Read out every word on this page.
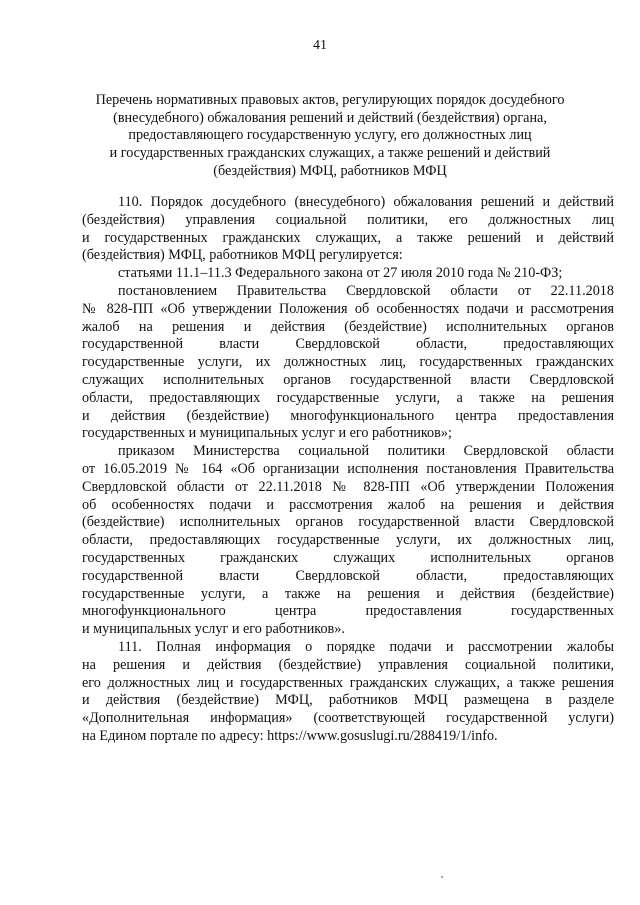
41
Перечень нормативных правовых актов, регулирующих порядок досудебного
(внесудебного) обжалования решений и действий (бездействия) органа,
предоставляющего государственную услугу, его должностных лиц
и государственных гражданских служащих, а также решений и действий
(бездействия) МФЦ, работников МФЦ
110. Порядок досудебного (внесудебного) обжалования решений и действий
(бездействия) управления социальной политики, его должностных лиц
и государственных гражданских служащих, а также решений и действий
(бездействия) МФЦ, работников МФЦ регулируется:
статьями 11.1–11.3 Федерального закона от 27 июля 2010 года № 210-ФЗ;
постановлением Правительства Свердловской области от 22.11.2018
№ 828-ПП «Об утверждении Положения об особенностях подачи и рассмотрения
жалоб на решения и действия (бездействие) исполнительных органов
государственной власти Свердловской области, предоставляющих
государственные услуги, их должностных лиц, государственных гражданских
служащих исполнительных органов государственной власти Свердловской
области, предоставляющих государственные услуги, а также на решения
и действия (бездействие) многофункционального центра предоставления
государственных и муниципальных услуг и его работников»;
приказом Министерства социальной политики Свердловской области
от 16.05.2019 № 164 «Об организации исполнения постановления Правительства
Свердловской области от 22.11.2018 № 828-ПП «Об утверждении Положения
об особенностях подачи и рассмотрения жалоб на решения и действия
(бездействие) исполнительных органов государственной власти Свердловской
области, предоставляющих государственные услуги, их должностных лиц,
государственных гражданских служащих исполнительных органов
государственной власти Свердловской области, предоставляющих
государственные услуги, а также на решения и действия (бездействие)
многофункционального центра предоставления государственных
и муниципальных услуг и его работников».
111. Полная информация о порядке подачи и рассмотрении жалобы
на решения и действия (бездействие) управления социальной политики,
его должностных лиц и государственных гражданских служащих, а также решения
и действия (бездействие) МФЦ, работников МФЦ размещена в разделе
«Дополнительная информация» (соответствующей государственной услуги)
на Едином портале по адресу: https://www.gosuslugi.ru/288419/1/info.
